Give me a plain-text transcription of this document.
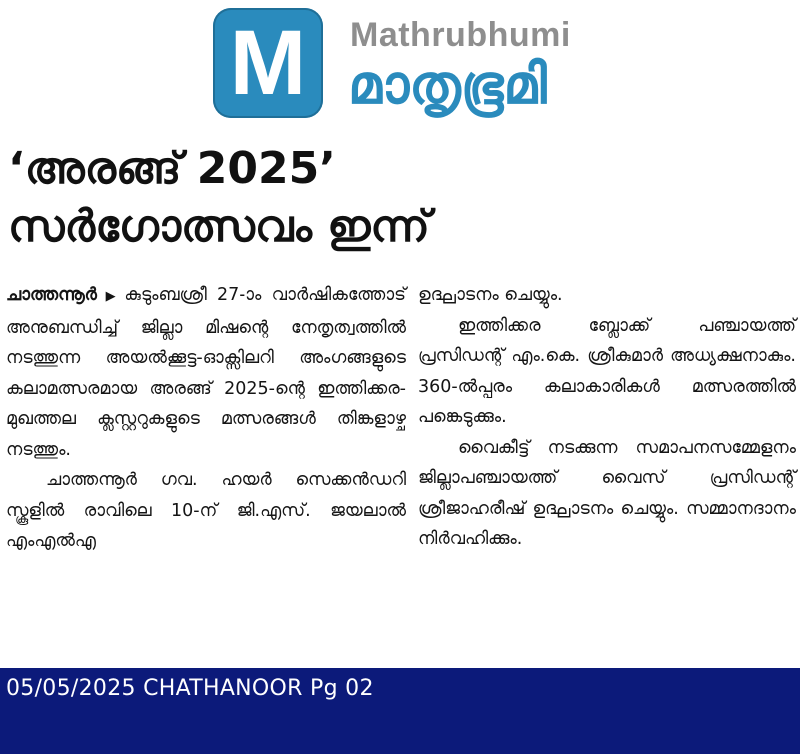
M	Mathrubhumi
മാതൃഭൂമി
‘അരങ്ങ് 2025’
സർഗോത്സവം ഇന്ന്

ചാത്തന്നൂർ ▶ കുടുംബശ്രീ 27-ാം വാർഷികത്തോട് അനുബന്ധിച്ച് ജില്ലാ മിഷന്റെ നേതൃത്വത്തിൽ നടത്തുന്ന അയൽക്കൂട്ട-ഓക്സിലറി അംഗങ്ങളുടെ കലാമത്സരമായ അരങ്ങ് 2025-ന്റെ ഇത്തിക്കര-മുഖത്തല ക്ലസ്റ്ററുകളുടെ മത്സരങ്ങൾ തിങ്കളാഴ്ച നടത്തും.

ചാത്തന്നൂർ ഗവ. ഹയർ സെക്കൻഡറി സ്കൂളിൽ രാവിലെ 10-ന് ജി.എസ്. ജയലാൽ എംഎൽഎ

ഉദ്ഘാടനം ചെയ്യും.

ഇത്തിക്കര ബ്ലോക്ക് പഞ്ചായത്ത് പ്രസിഡന്റ് എം.കെ. ശ്രീകുമാർ അധ്യക്ഷനാകും. 360-ൽപ്പരം കലാകാരികൾ മത്സരത്തിൽ പങ്കെടുക്കും.

വൈകീട്ട് നടക്കുന്ന സമാപനസമ്മേളനം ജില്ലാപഞ്ചായത്ത് വൈസ് പ്രസിഡന്റ് ശ്രീജാഹരീഷ് ഉദ്ഘാടനം ചെയ്യും. സമ്മാനദാനം നിർവഹിക്കും.

05/05/2025 CHATHANOOR Pg 02
